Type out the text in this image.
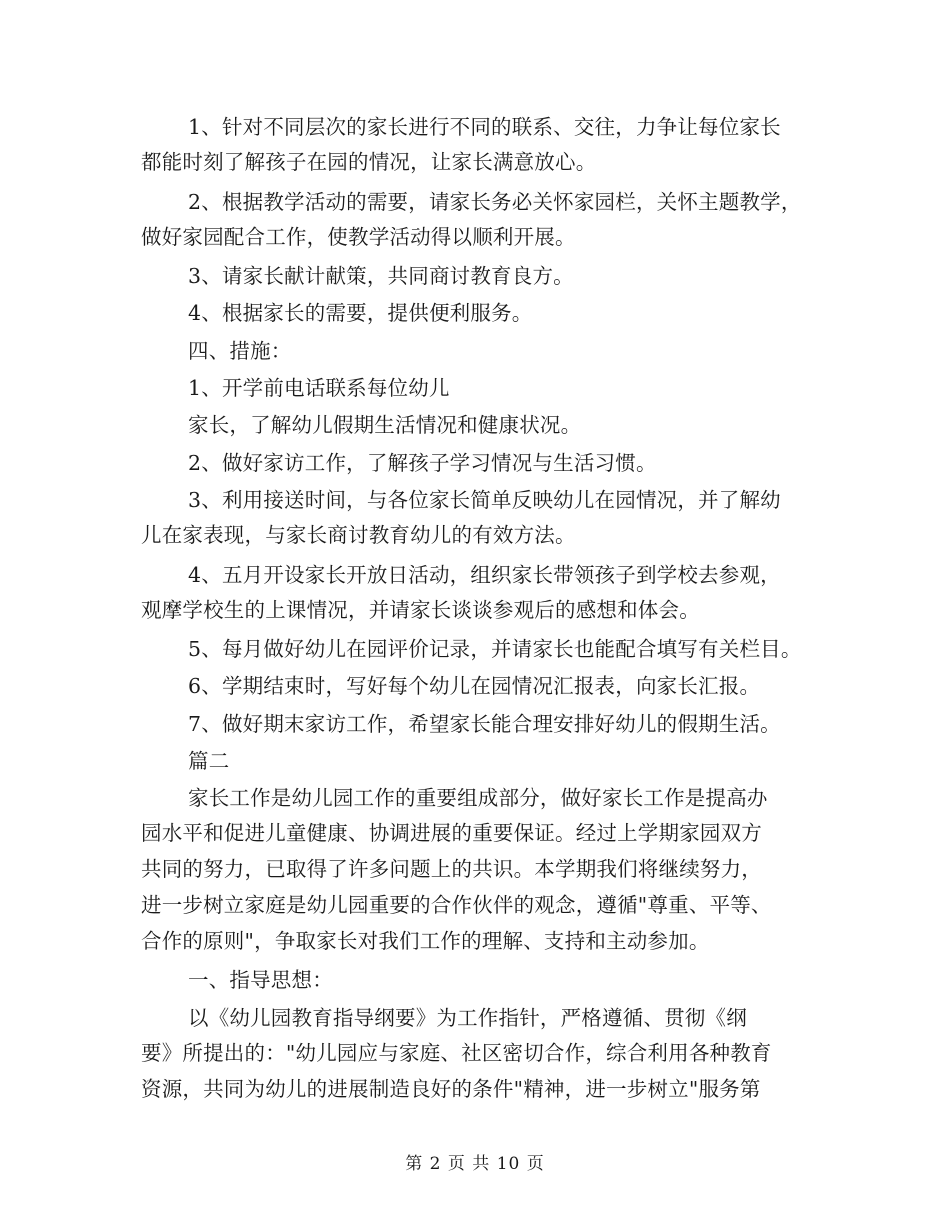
1、针对不同层次的家长进行不同的联系、交往，力争让每位家长
都能时刻了解孩子在园的情况，让家长满意放心。
2、根据教学活动的需要，请家长务必关怀家园栏，关怀主题教学，
做好家园配合工作，使教学活动得以顺利开展。
3、请家长献计献策，共同商讨教育良方。
4、根据家长的需要，提供便利服务。
四、措施：
1、开学前电话联系每位幼儿
家长，了解幼儿假期生活情况和健康状况。
2、做好家访工作，了解孩子学习情况与生活习惯。
3、利用接送时间，与各位家长简单反映幼儿在园情况，并了解幼
儿在家表现，与家长商讨教育幼儿的有效方法。
4、五月开设家长开放日活动，组织家长带领孩子到学校去参观，
观摩学校生的上课情况，并请家长谈谈参观后的感想和体会。
5、每月做好幼儿在园评价记录，并请家长也能配合填写有关栏目。
6、学期结束时，写好每个幼儿在园情况汇报表，向家长汇报。
7、做好期末家访工作，希望家长能合理安排好幼儿的假期生活。
篇二
家长工作是幼儿园工作的重要组成部分，做好家长工作是提高办
园水平和促进儿童健康、协调进展的重要保证。经过上学期家园双方
共同的努力，已取得了许多问题上的共识。本学期我们将继续努力，
进一步树立家庭是幼儿园重要的合作伙伴的观念，遵循"尊重、平等、
合作的原则"，争取家长对我们工作的理解、支持和主动参加。
一、指导思想：
以《幼儿园教育指导纲要》为工作指针，严格遵循、贯彻《纲
要》所提出的："幼儿园应与家庭、社区密切合作，综合利用各种教育
资源，共同为幼儿的进展制造良好的条件"精神，进一步树立"服务第
第 2 页 共 10 页
